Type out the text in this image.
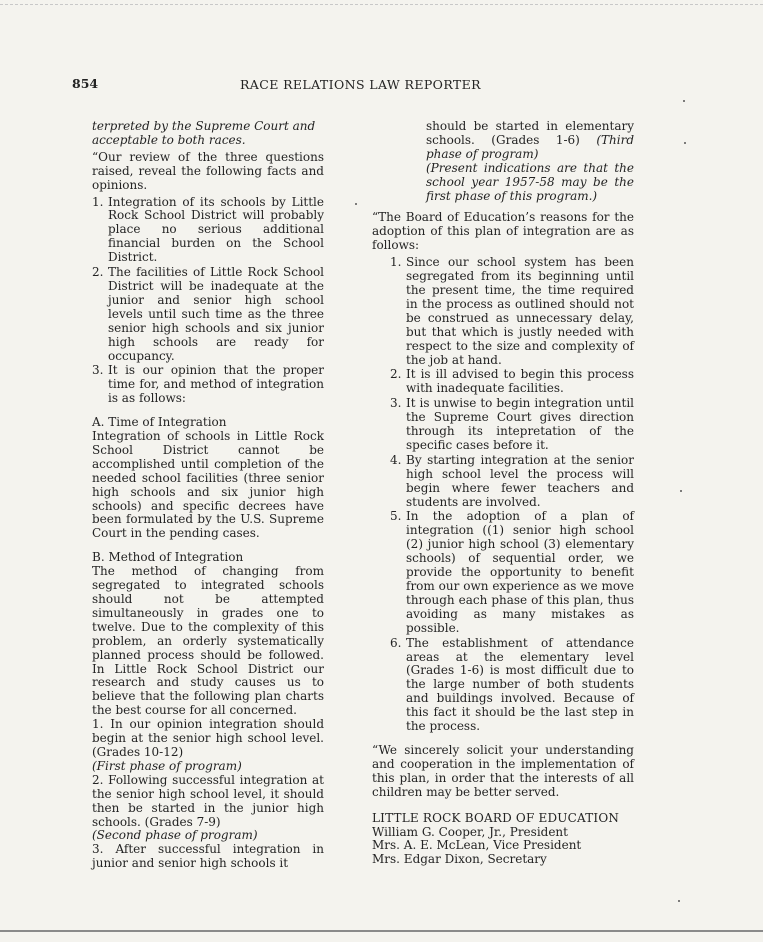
854	RACE RELATIONS LAW REPORTER

terpreted by the Supreme Court and acceptable to both races.

“Our review of the three questions raised, reveal the following facts and opinions.

1. Integration of its schools by Little Rock School District will probably place no serious additional financial burden on the School District.
2. The facilities of Little Rock School District will be inadequate at the junior and senior high school levels until such time as the three senior high schools and six junior high schools are ready for occupancy.
3. It is our opinion that the proper time for, and method of integration is as follows:

A. Time of Integration

Integration of schools in Little Rock School District cannot be accomplished until completion of the needed school facilities (three senior high schools and six junior high schools) and specific decrees have been formulated by the U.S. Supreme Court in the pending cases.

B. Method of Integration

The method of changing from segregated to integrated schools should not be attempted simultaneously in grades one to twelve. Due to the complexity of this problem, an orderly systematically planned process should be followed. In Little Rock School District our research and study causes us to believe that the following plan charts the best course for all concerned.

1. In our opinion integration should begin at the senior high school level. (Grades 10-12)

(First phase of program)

2. Following successful integration at the senior high school level, it should then be started in the junior high schools. (Grades 7-9)

(Second phase of program)

3. After successful integration in junior and senior high schools it

should be started in elementary schools. (Grades 1-6) (Third phase of program)

(Present indications are that the school year 1957-58 may be the first phase of this program.)

“The Board of Education’s reasons for the adoption of this plan of integration are as follows:

1. Since our school system has been segregated from its beginning until the present time, the time required in the process as outlined should not be construed as unnecessary delay, but that which is justly needed with respect to the size and complexity of the job at hand.
2. It is ill advised to begin this process with inadequate facilities.
3. It is unwise to begin integration until the Supreme Court gives direction through its intepretation of the specific cases before it.
4. By starting integration at the senior high school level the process will begin where fewer teachers and students are involved.
5. In the adoption of a plan of integration ((1) senior high school (2) junior high school (3) elementary schools) of sequential order, we provide the opportunity to benefit from our own experience as we move through each phase of this plan, thus avoiding as many mistakes as possible.
6. The establishment of attendance areas at the elementary level (Grades 1-6) is most difficult due to the large number of both students and buildings involved. Because of this fact it should be the last step in the process.

“We sincerely solicit your understanding and cooperation in the implementation of this plan, in order that the interests of all children may be better served.

LITTLE ROCK BOARD OF EDUCATION
William G. Cooper, Jr., President
Mrs. A. E. McLean, Vice President
Mrs. Edgar Dixon, Secretary
